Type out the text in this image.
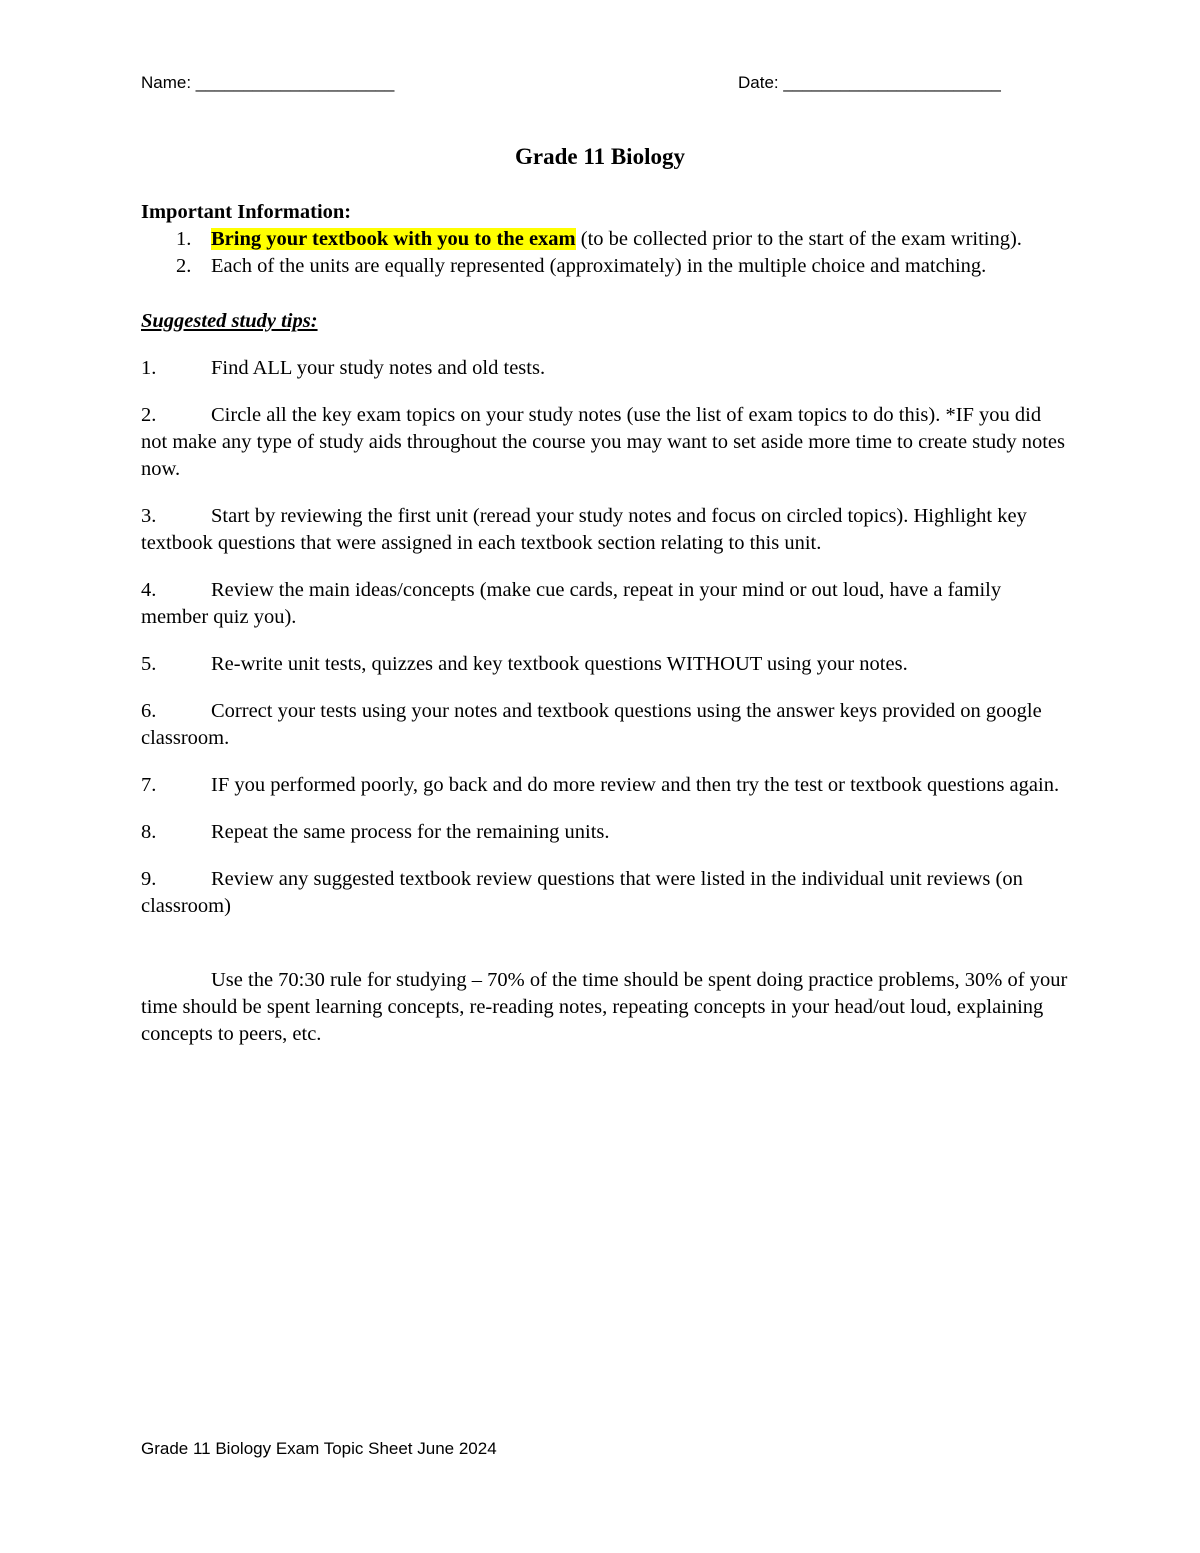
Name: _____________________	Date: _______________________
Grade 11 Biology

Important Information:

1. Bring your textbook with you to the exam (to be collected prior to the start of the exam writing).
2. Each of the units are equally represented (approximately) in the multiple choice and matching.
Suggested study tips:

1.	Find ALL your study notes and old tests.

2.	Circle all the key exam topics on your study notes (use the list of exam topics to do this). *IF you did not make any type of study aids throughout the course you may want to set aside more time to create study notes now.

3.	Start by reviewing the first unit (reread your study notes and focus on circled topics). Highlight key textbook questions that were assigned in each textbook section relating to this unit.

4.	Review the main ideas/concepts (make cue cards, repeat in your mind or out loud, have a family member quiz you).

5.	Re-write unit tests, quizzes and key textbook questions WITHOUT using your notes.

6.	Correct your tests using your notes and textbook questions using the answer keys provided on google classroom.

7.	IF you performed poorly, go back and do more review and then try the test or textbook questions again.

8.	Repeat the same process for the remaining units.

9.	Review any suggested textbook review questions that were listed in the individual unit reviews (on classroom)

Use the 70:30 rule for studying – 70% of the time should be spent doing practice problems, 30% of your time should be spent learning concepts, re-reading notes, repeating concepts in your head/out loud, explaining concepts to peers, etc.

Grade 11 Biology Exam Topic Sheet June 2024
